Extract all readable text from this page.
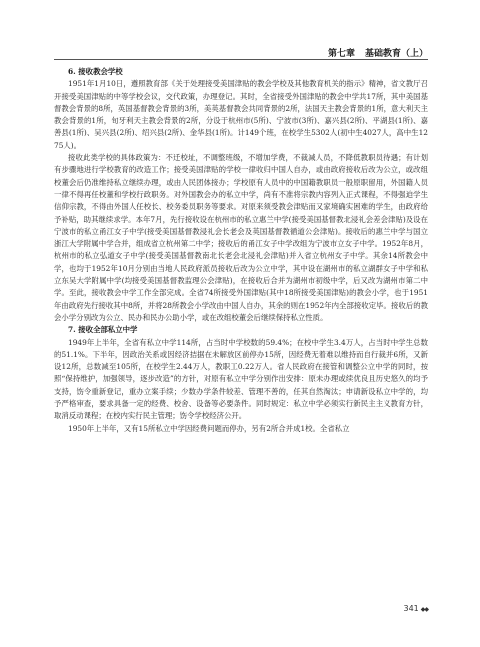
第七章 基础教育（上）

6. 接收教会学校

1951年1月10日，遵照教育部《关于处理接受美国津贴的教会学校及其他教育机关的指示》精神，省文教厅召开接受美国津贴的中等学校会议，交代政策，办理登记。其时，全省接受外国津贴的教会中学共17所，其中美国基督教会背景的8所，英国基督教会背景的3所，美英基督教会共同背景的2所，法国天主教会背景的1所，意大利天主教会背景的1所，旬牙利天主教会背景的2所，分设于杭州市(5所)、宁波市(3所)、嘉兴县(2所)、平湖县(1所)、嘉善县(1所)、吴兴县(2所)、绍兴县(2所)、金华县(1所)。计149个班，在校学生5302人(初中生4027人，高中生1275人)。

接收此类学校的具体政策为：不迁校址，不调整班级，不增加学费，不裁减人员，不降低教职员待遇；有计划有步骤地进行学校教育的改造工作；接受美国津贴的学校一律收归中国人自办，或由政府接收后改为公立，或改组校董会后仍准维持私立继续办理，或由人民团体接办；学校原有人员中的中国籍教职员一般原职留用，外国籍人员一律不得再任校董和学校行政职务。对外国教会办的私立中学，尚有不准将宗教内容列入正式课程，不得强迫学生信仰宗教，不得由外国人任校长、校务委员职务等要求。对原来须受教会津贴而又家境确实困难的学生，由政府给予补贴，助其继续求学。本年7月，先行接收设在杭州市的私立惠兰中学(接受美国基督教北浸礼会差会津贴)及设在宁波市的私立甬江女子中学(接受美国基督教浸礼会长老会及英国基督教循道公会津贴)。接收后的惠兰中学与国立浙江大学附属中学合并，组成省立杭州第二中学；接收后的甬江女子中学改组为宁波市立女子中学。1952年8月，杭州市的私立弘道女子中学(接受美国基督教南北长老会北浸礼会津贴)并入省立杭州女子中学。其余14所教会中学，也均于1952年10月分别由当地人民政府派员接收后改为公立中学，其中设在湖州市的私立湖群女子中学和私立东吴大学附属中学(均接受美国基督教监理公会津贴)，在接收后合并为湖州市初级中学，后又改为湖州市第二中学。至此，接收教会中学工作全部完成。全省74所接受外国津贴(其中18所接受美国津贴)的教会小学，也于1951年由政府先行接收其中8所，并将28所教会小学改由中国人自办，其余的则在1952年内全部接收定毕。接收后的教会小学分别改为公立、民办和民办公助小学，或在改组校董会后继续保持私立性质。

7. 接收全部私立中学

1949年上半年，全省有私立中学114所，占当时中学校数的59.4%；在校中学生3.4万人，占当时中学生总数的51.1%。下半年，因政治关系或因经济拮据在未解放区前停办15所，因经费无着难以维持而自行裁并6所，又新设12所，总数减至105所，在校学生2.44万人，教职工0.22万人。省人民政府在接管和调整公立中学的同时，按照“保持维护，加强领导，逐步改造”的方针，对原有私立中学分别作出安排：原未办理或续优良且历史悠久的均予支持，饬令重新登记，重办立案手续；少数办学条件较差、管理不善的，任其自然淘汰；申请新设私立中学的，均予严格审查，要求具备一定的经费、校舍、设备等必要条件。同时规定：私立中学必须实行新民主主义教育方针，取消反动课程；在校内实行民主管理；饬令学校经济公开。

1950年上半年，又有15所私立中学因经费问题而停办，另有2所合并成1校。全省私立

341 ◆◆
